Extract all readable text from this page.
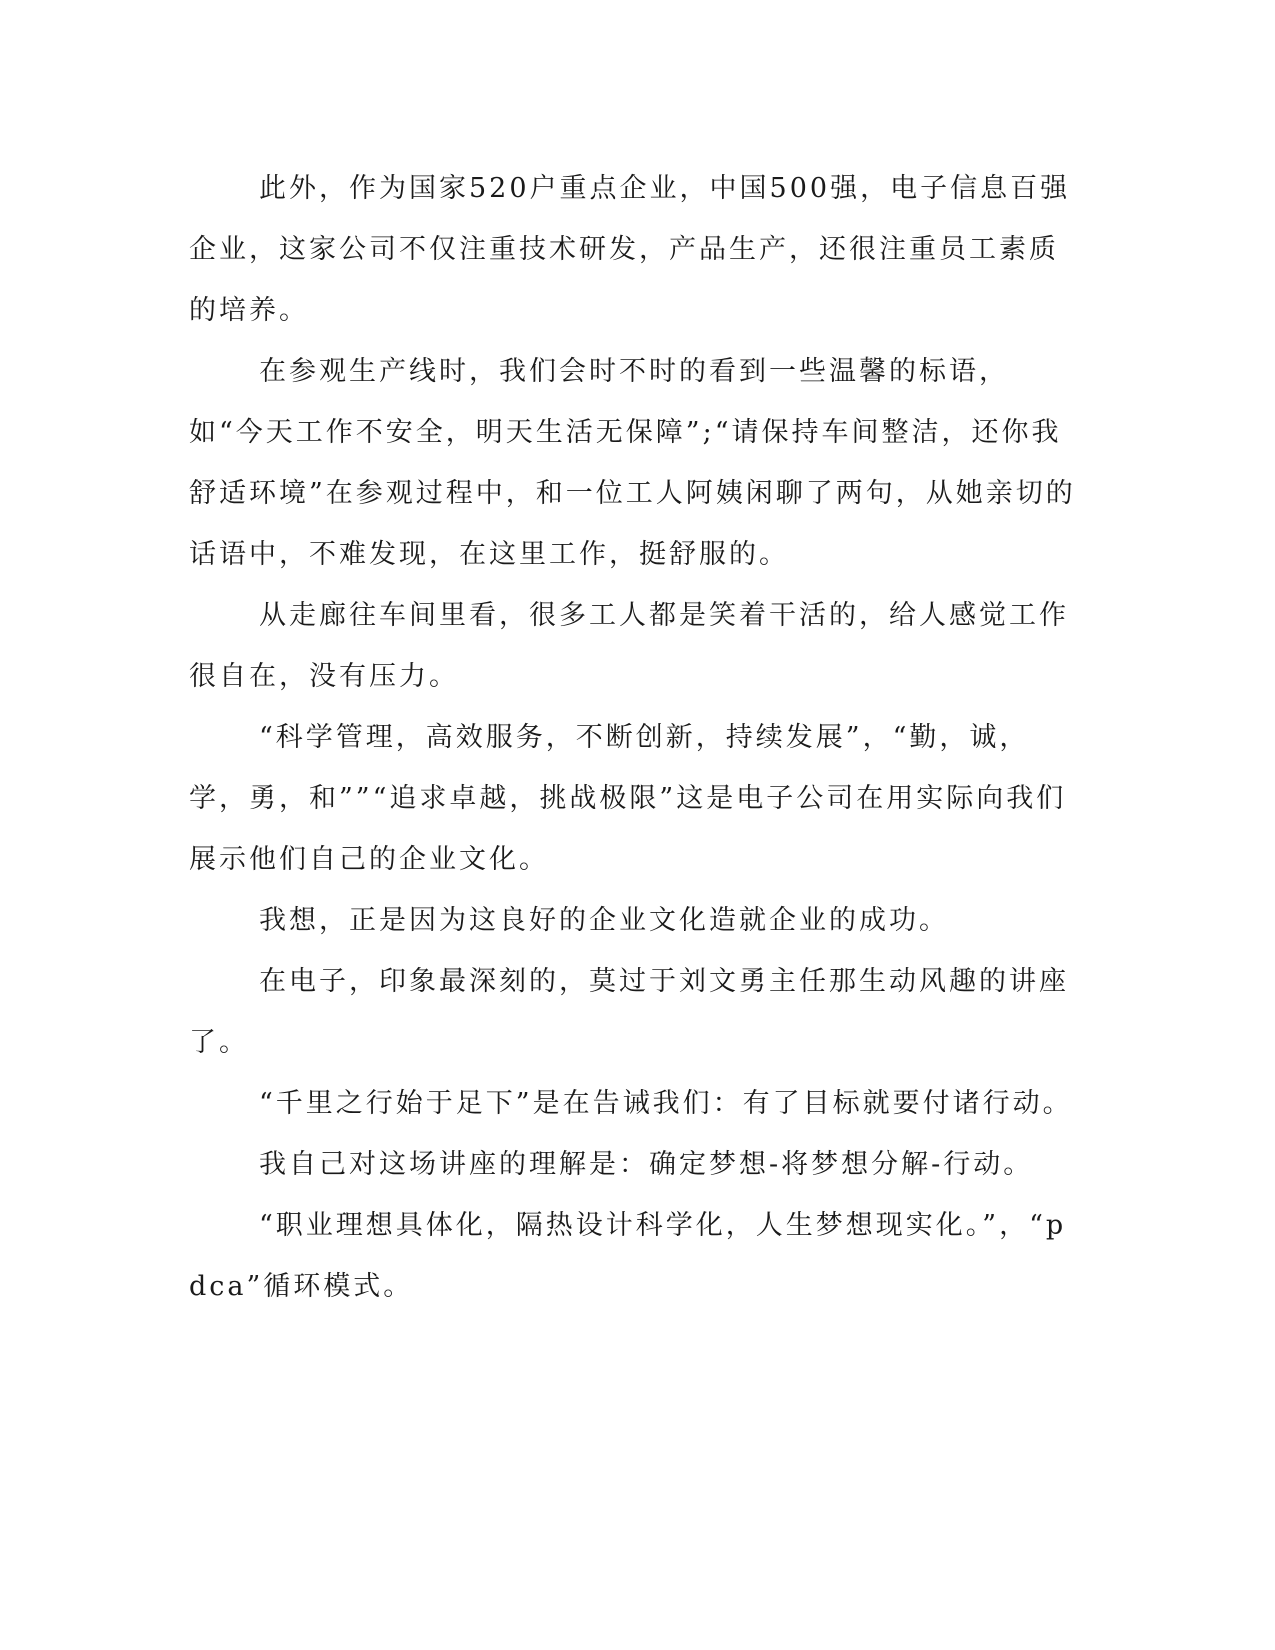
此外，作为国家520户重点企业，中国500强，电子信息百强企业，这家公司不仅注重技术研发，产品生产，还很注重员工素质的培养。

在参观生产线时，我们会时不时的看到一些温馨的标语，如“今天工作不安全，明天生活无保障”;“请保持车间整洁，还你我舒适环境”在参观过程中，和一位工人阿姨闲聊了两句，从她亲切的话语中，不难发现，在这里工作，挺舒服的。

从走廊往车间里看，很多工人都是笑着干活的，给人感觉工作很自在，没有压力。

“科学管理，高效服务，不断创新，持续发展”，“勤，诚，学，勇，和””“追求卓越，挑战极限”这是电子公司在用实际向我们展示他们自己的企业文化。

我想，正是因为这良好的企业文化造就企业的成功。

在电子，印象最深刻的，莫过于刘文勇主任那生动风趣的讲座了。

“千里之行始于足下”是在告诫我们：有了目标就要付诸行动。

我自己对这场讲座的理解是：确定梦想-将梦想分解-行动。

“职业理想具体化，隔热设计科学化，人生梦想现实化。”，“pdca”循环模式。
